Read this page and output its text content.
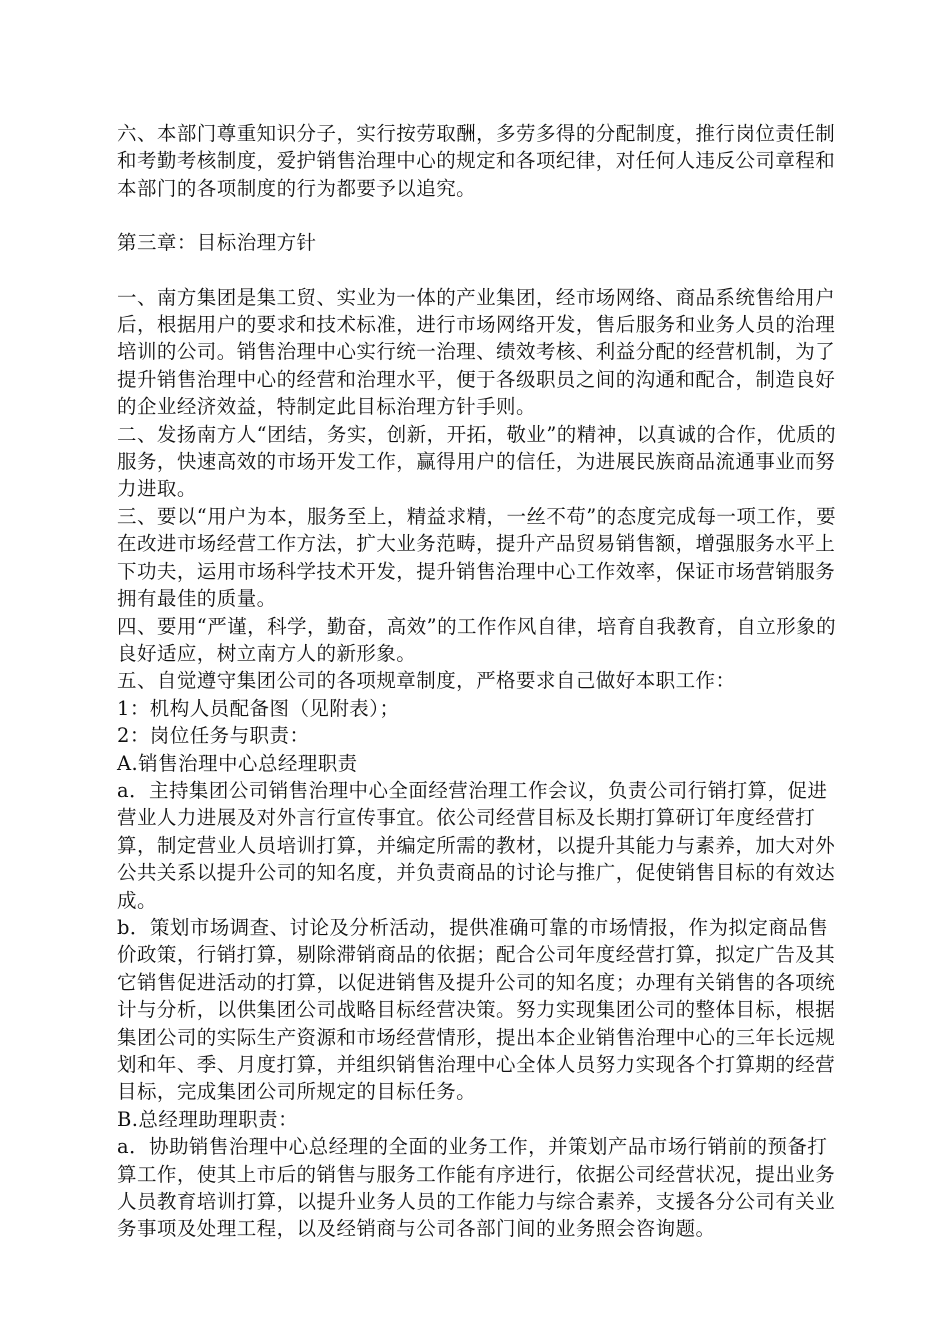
六、本部门尊重知识分子，实行按劳取酬，多劳多得的分配制度，推行岗位责任制和考勤考核制度，爱护销售治理中心的规定和各项纪律，对任何人违反公司章程和本部门的各项制度的行为都要予以追究。

第三章：目标治理方针

一、南方集团是集工贸、实业为一体的产业集团，经市场网络、商品系统售给用户后，根据用户的要求和技术标准，进行市场网络开发，售后服务和业务人员的治理培训的公司。销售治理中心实行统一治理、绩效考核、利益分配的经营机制，为了提升销售治理中心的经营和治理水平，便于各级职员之间的沟通和配合，制造良好的企业经济效益，特制定此目标治理方针手则。

二、发扬南方人“团结，务实，创新，开拓，敬业”的精神，以真诚的合作，优质的服务，快速高效的市场开发工作，赢得用户的信任，为进展民族商品流通事业而努力进取。

三、要以“用户为本，服务至上，精益求精，一丝不苟”的态度完成每一项工作，要在改进市场经营工作方法，扩大业务范畴，提升产品贸易销售额，增强服务水平上下功夫，运用市场科学技术开发，提升销售治理中心工作效率，保证市场营销服务拥有最佳的质量。

四、要用“严谨，科学，勤奋，高效”的工作作风自律，培育自我教育，自立形象的良好适应，树立南方人的新形象。

五、自觉遵守集团公司的各项规章制度，严格要求自己做好本职工作：

1：机构人员配备图（见附表）；

2：岗位任务与职责：

A.销售治理中心总经理职责

a．主持集团公司销售治理中心全面经营治理工作会议，负责公司行销打算，促进营业人力进展及对外言行宣传事宜。依公司经营目标及长期打算研订年度经营打算，制定营业人员培训打算，并编定所需的教材，以提升其能力与素养，加大对外公共关系以提升公司的知名度，并负责商品的讨论与推广，促使销售目标的有效达成。

b．策划市场调查、讨论及分析活动，提供准确可靠的市场情报，作为拟定商品售价政策，行销打算，剔除滞销商品的依据；配合公司年度经营打算，拟定广告及其它销售促进活动的打算，以促进销售及提升公司的知名度；办理有关销售的各项统计与分析，以供集团公司战略目标经营决策。努力实现集团公司的整体目标，根据集团公司的实际生产资源和市场经营情形，提出本企业销售治理中心的三年长远规划和年、季、月度打算，并组织销售治理中心全体人员努力实现各个打算期的经营目标，完成集团公司所规定的目标任务。

B.总经理助理职责：

a．协助销售治理中心总经理的全面的业务工作，并策划产品市场行销前的预备打算工作，使其上市后的销售与服务工作能有序进行，依据公司经营状况，提出业务人员教育培训打算，以提升业务人员的工作能力与综合素养，支援各分公司有关业务事项及处理工程，以及经销商与公司各部门间的业务照会咨询题。
